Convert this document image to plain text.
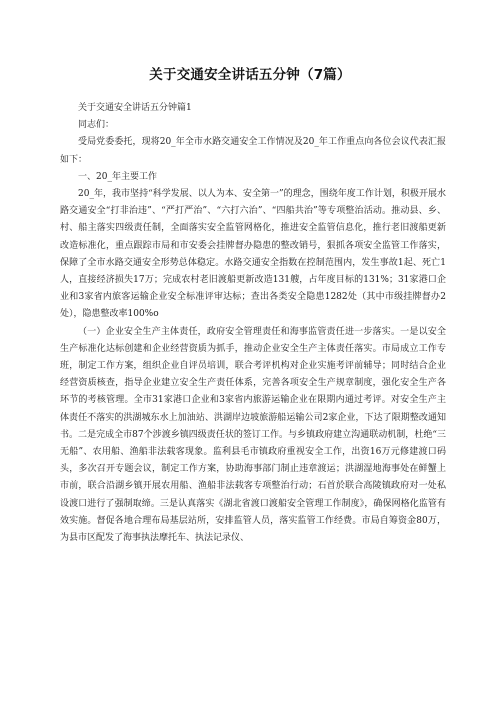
关于交通安全讲话五分钟（7篇）

关于交通安全讲话五分钟篇1

同志们：

受局党委委托，现将20_年全市水路交通安全工作情况及20_年工作重点向各位会议代表汇报如下：

一、20_年主要工作

20_年，我市坚持“科学发展、以人为本、安全第一”的理念，围绕年度工作计划，积极开展水路交通安全“打非治违”、“严打严治”、“六打六治”、“四船共治”等专项整治活动。推动县、乡、村、船主落实四级责任制，全面落实安全监管网格化，推进安全监管信息化，推行老旧渡船更新改造标准化，重点跟踪市局和市安委会挂牌督办隐患的整改销号，狠抓各项安全监管工作落实，保障了全市水路交通安全形势总体稳定。水路交通安全指数在控制范围内，发生事故1起、死亡1人，直接经济损失17万；完成农村老旧渡船更新改造131艘，占年度目标的131%；31家港口企业和3家省内旅客运输企业安全标准评审达标；查出各类安全隐患1282处（其中市级挂牌督办2处），隐患整改率100%o

（一）企业安全生产主体责任，政府安全管理责任和海事监管责任进一步落实。一是以安全生产标准化达标创建和企业经营资质为抓手，推动企业安全生产主体责任落实。市局成立工作专班，制定工作方案，组织企业自评员培训，联合考评机构对企业实施考评前辅导；同时结合企业经营资质核查，指导企业建立安全生产责任体系，完善各项安全生产规章制度，强化安全生产各环节的考核管理。全市31家港口企业和3家省内旅游运输企业在限期内通过考评。对安全生产主体责任不落实的洪湖城东水上加油站、洪湖岸边坡旅游船运输公司2家企业，下达了限期整改通知书。二是完成全市87个涉渡乡镇四级责任状的签订工作。与乡镇政府建立沟通联动机制，杜绝“三无船”、农用船、渔船非法载客现象。监利县毛市镇政府重视安全工作，出资16万元修建渡口码头，多次召开专题会议，制定工作方案，协助海事部门制止违章渡运；洪湖湿地海事处在鲜蟹上市前，联合沿湖乡镇开展农用船、渔船非法载客专项整治行动；石首於联合高陵镇政府对一处私设渡口进行了强制取缔。三是认真落实《湖北省渡口渡船安全管理工作制度》，确保网格化监管有效实施。督促各地合理布局基层站所，安排监管人员，落实监管工作经费。市局自筹资金80万，为县市区配发了海事执法摩托车、执法记录仪、
